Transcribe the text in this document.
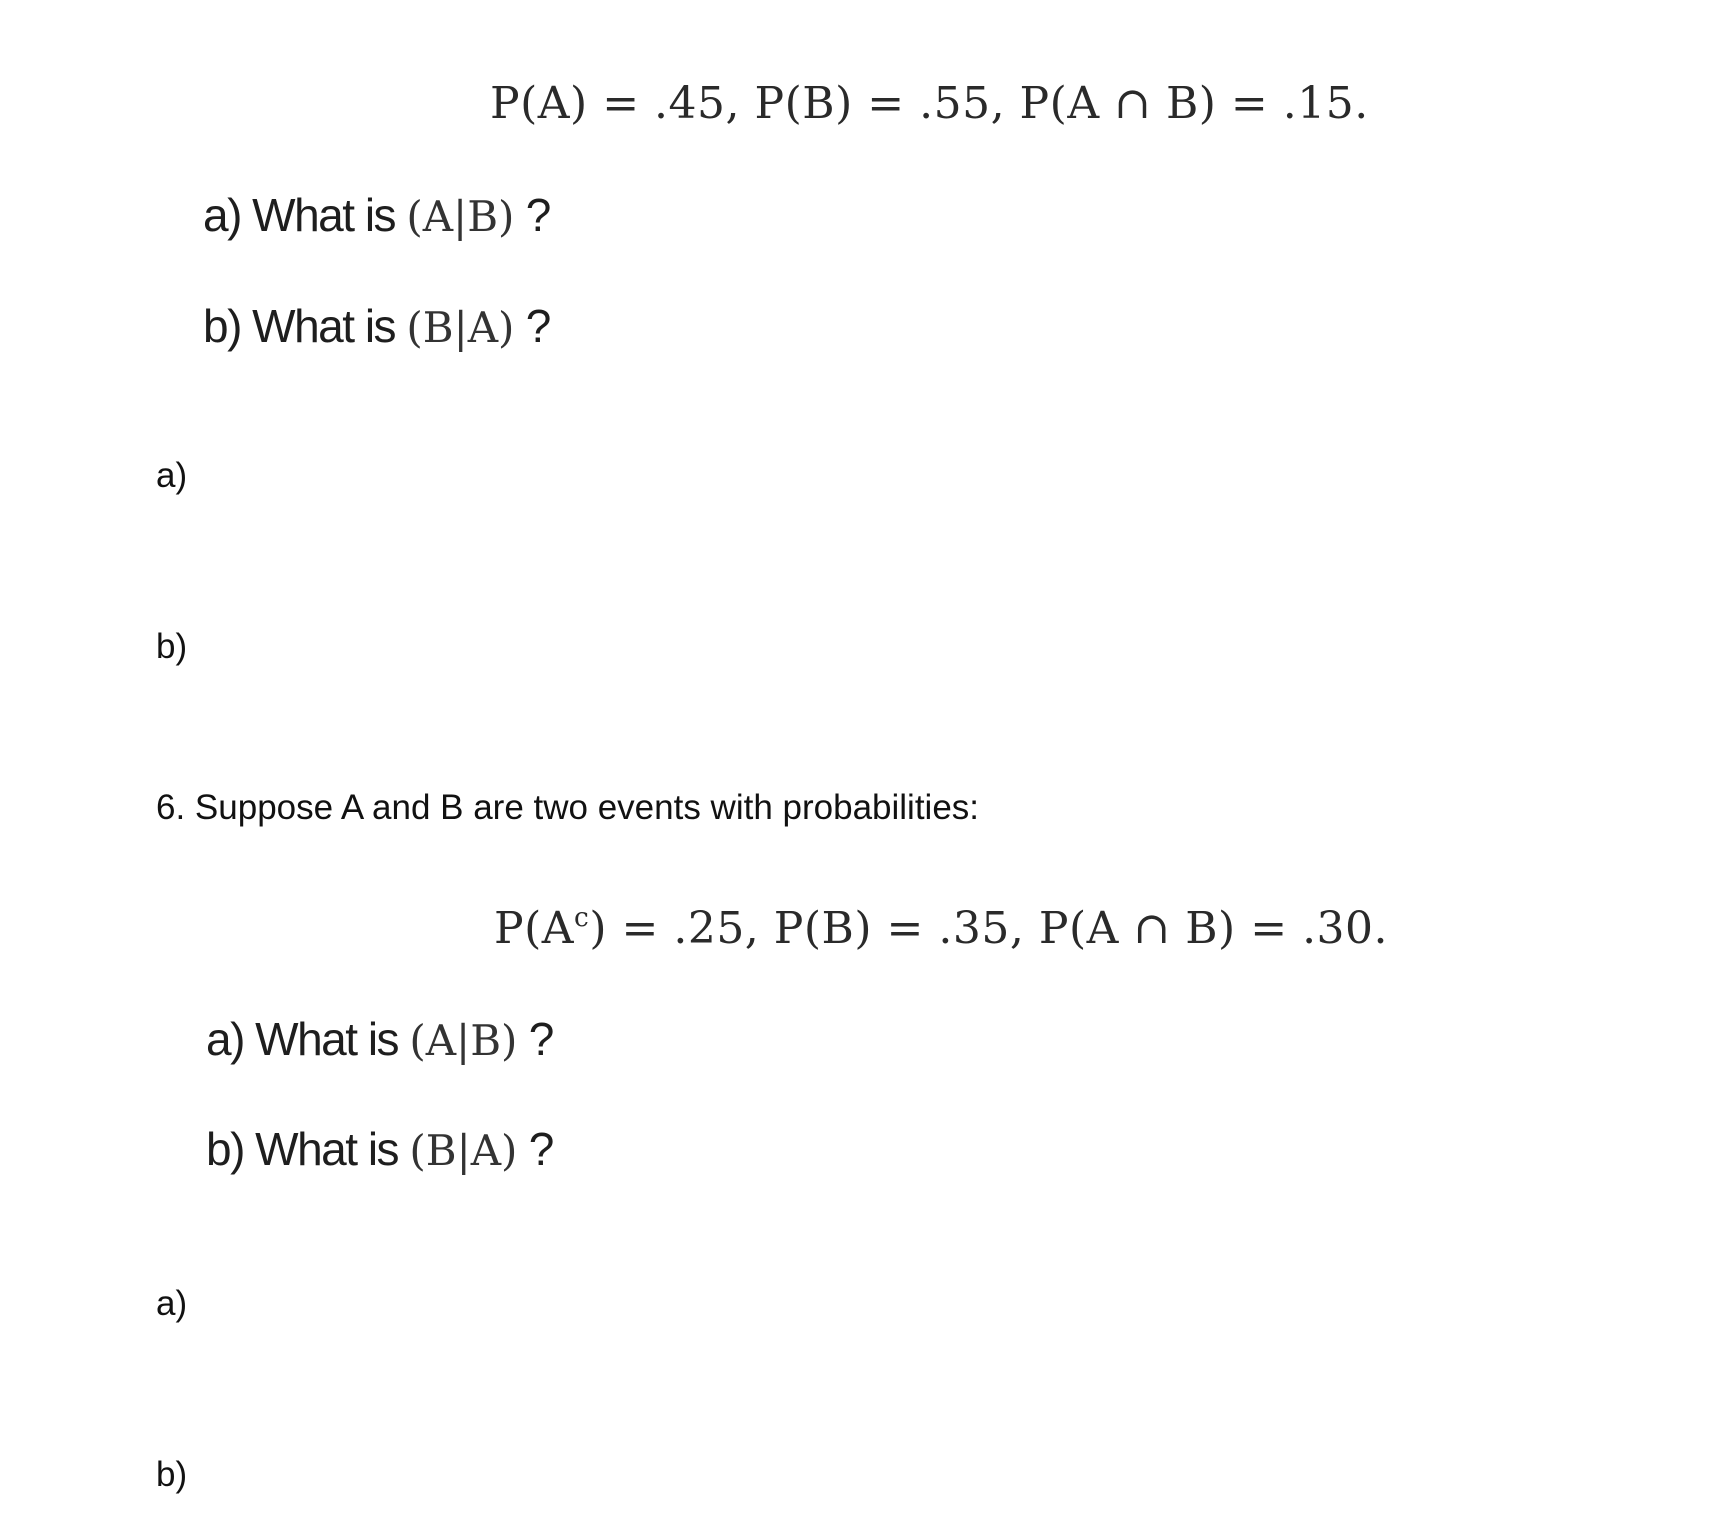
P(A) = .45, P(B) = .55, P(A ∩ B) = .15.
a) What is (A|B) ?
b) What is (B|A) ?
a)
b)
6. Suppose A and B are two events with probabilities:
$P(A^c) = .25$, P(B) = .35, P(A ∩ B) = .30.
a) What is (A|B) ?
b) What is (B|A) ?
a)
b)
